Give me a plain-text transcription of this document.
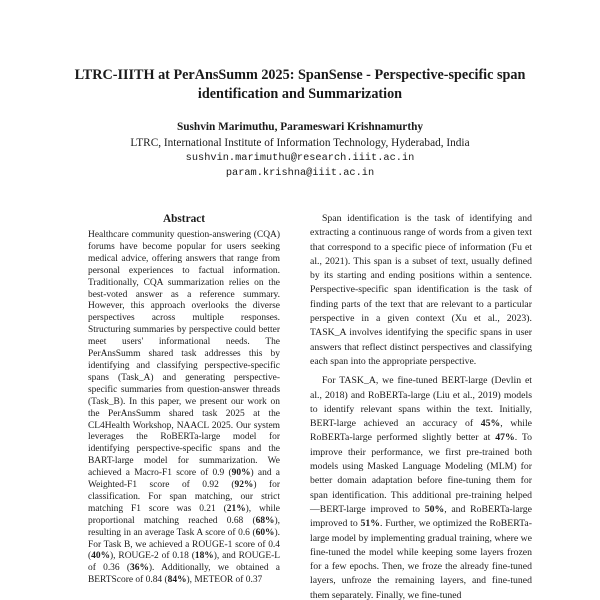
LTRC-IIITH at PerAnsSumm 2025: SpanSense - Perspective-specific span
identification and Summarization
Sushvin Marimuthu, Parameswari Krishnamurthy
LTRC, International Institute of Information Technology, Hyderabad, India
sushvin.marimuthu@research.iiit.ac.in
param.krishna@iiit.ac.in
Abstract

Healthcare community question-answering (CQA) forums have become popular for users seeking medical advice, offering answers that range from personal experiences to factual information. Traditionally, CQA summarization relies on the best-voted answer as a reference summary. However, this approach overlooks the diverse perspectives across multiple responses. Structuring summaries by perspective could better meet users' informational needs. The PerAnsSumm shared task addresses this by identifying and classifying perspective-specific spans (Task_A) and generating perspective-specific summaries from question-answer threads (Task_B). In this paper, we present our work on the PerAnsSumm shared task 2025 at the CL4Health Workshop, NAACL 2025. Our system leverages the RoBERTa-large model for identifying perspective-specific spans and the BART-large model for summarization. We achieved a Macro-F1 score of 0.9 (90%) and a Weighted-F1 score of 0.92 (92%) for classification. For span matching, our strict matching F1 score was 0.21 (21%), while proportional matching reached 0.68 (68%), resulting in an average Task A score of 0.6 (60%). For Task B, we achieved a ROUGE-1 score of 0.4 (40%), ROUGE-2 of 0.18 (18%), and ROUGE-L of 0.36 (36%). Additionally, we obtained a BERTScore of 0.84 (84%), METEOR of 0.37

Span identification is the task of identifying and extracting a continuous range of words from a given text that correspond to a specific piece of information (Fu et al., 2021). This span is a subset of text, usually defined by its starting and ending positions within a sentence. Perspective-specific span identification is the task of finding parts of the text that are relevant to a particular perspective in a given context (Xu et al., 2023). TASK_A involves identifying the specific spans in user answers that reflect distinct perspectives and classifying each span into the appropriate perspective.

For TASK_A, we fine-tuned BERT-large (Devlin et al., 2018) and RoBERTa-large (Liu et al., 2019) models to identify relevant spans within the text. Initially, BERT-large achieved an accuracy of 45%, while RoBERTa-large performed slightly better at 47%. To improve their performance, we first pre-trained both models using Masked Language Modeling (MLM) for better domain adaptation before fine-tuning them for span identification. This additional pre-training helped—BERT-large improved to 50%, and RoBERTa-large improved to 51%. Further, we optimized the RoBERTa-large model by implementing gradual training, where we fine-tuned the model while keeping some layers frozen for a few epochs. Then, we froze the already fine-tuned layers, unfroze the remaining layers, and fine-tuned them separately. Finally, we fine-tuned
